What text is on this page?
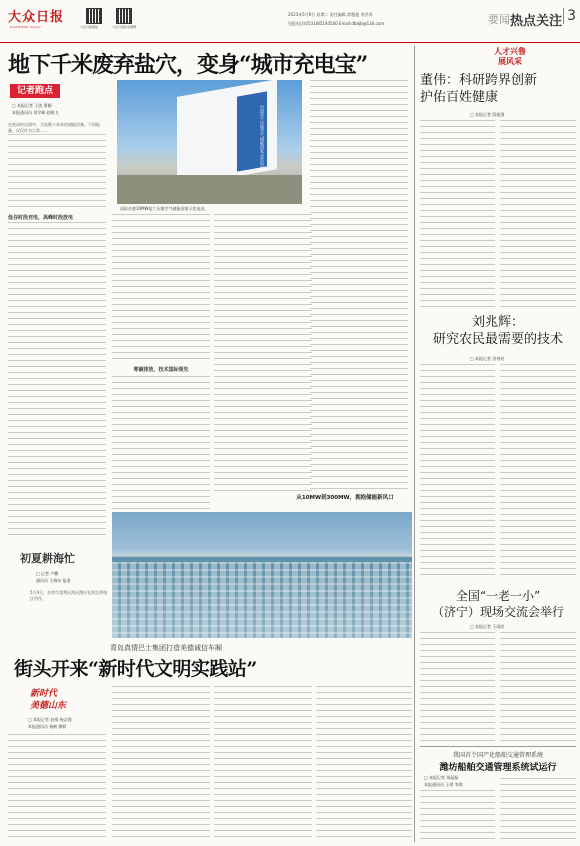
大众日报
DAZHONG DAILY	大众日报微信	大众日报新浪微博
2023年5月9日 星期二 责任编辑 徐超超 李洪涛
见报电话(0531)85193500 Email:dbbjb@126.com	要闻 热点关注 3
地下千米废弃盐穴，变身“城市充电宝”
记者跑点
□ 本报记者 王凯 曹颖
本报通讯员 刘学峰 赵晓飞	中国首个压缩空气储能国家示范电站
国际首套10MW盐穴压缩空气储能国家示范电站。
在密闭的岩洞中，当直数十余米的储能设备，不同能量，仅仅作为日常……
低谷时段充电，高峰时段放电
零碳排放，技术国际领先
从10MW到300MW，拥抱储能新风口
初夏耕海忙
□ 记者 卢鹏
通讯员 王瑞东 报道
5月4日，东营市垦利区海河渔民在海边养殖区劳作。
青岛真情巴士集团打造美德诚信车厢
街头开来“新时代文明实践站”
新时代
美德山东
□ 本报记者 赵威 杨志强
本报通讯员 杨帆 柳莉
人才兴鲁
展风采
董伟：科研跨界创新
护佑百姓健康
□ 本报记者 薛超强
刘兆辉：
研究农民最需要的技术
□ 本报记者 田春亮
全国“一老一小”
（济宁）现场交流会举行
□ 本报记者 王雨欣
我国首个国产化船舶交通管理系统
潍坊船舶交通管理系统试运行
□ 本报记者 胡晶磊
本报通讯员 王琪 李琪
